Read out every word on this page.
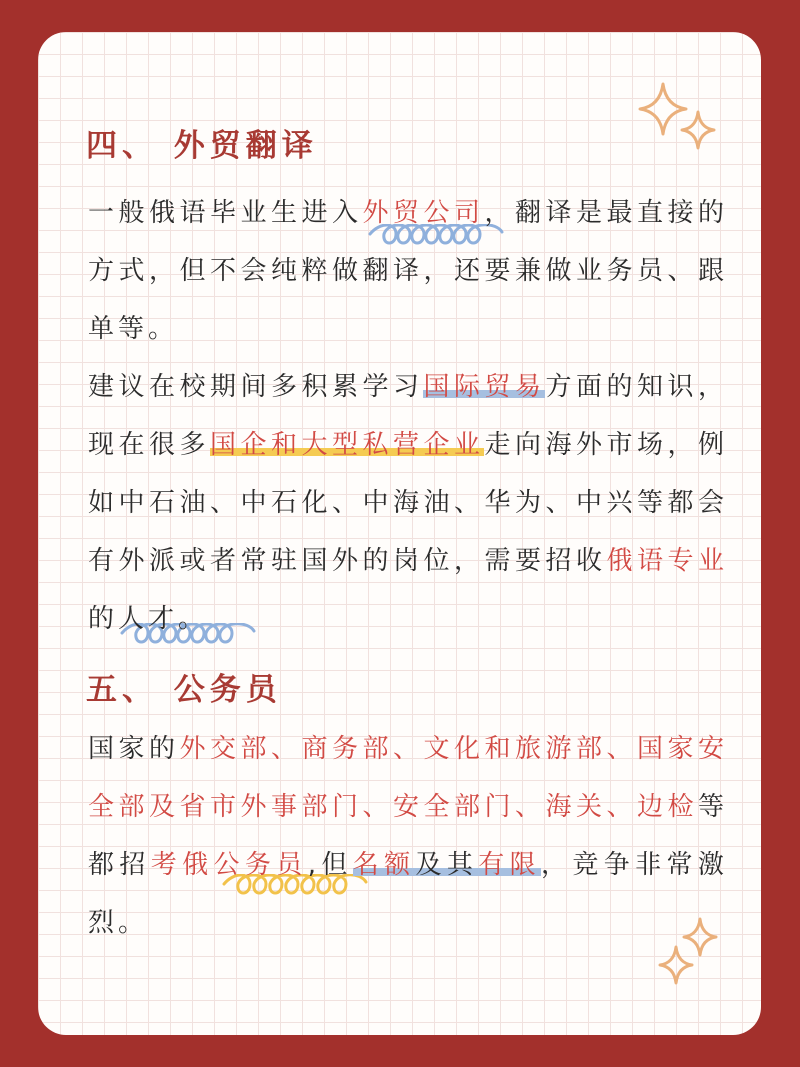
四、 外贸翻译

一般俄语毕业生进入外贸公司，翻译是最直接的方式，但不会纯粹做翻译，还要兼做业务员、跟单等。

建议在校期间多积累学习国际贸易方面的知识，现在很多国企和大型私营企业走向海外市场，例如中石油、中石化、中海油、华为、中兴等都会有外派或者常驻国外的岗位，需要招收俄语专业的人才。

五、 公务员

国家的外交部、商务部、文化和旅游部、国家安全部及省市外事部门、安全部门、海关、边检等都招考俄公务员,但名额及其有限，竞争非常激烈。
